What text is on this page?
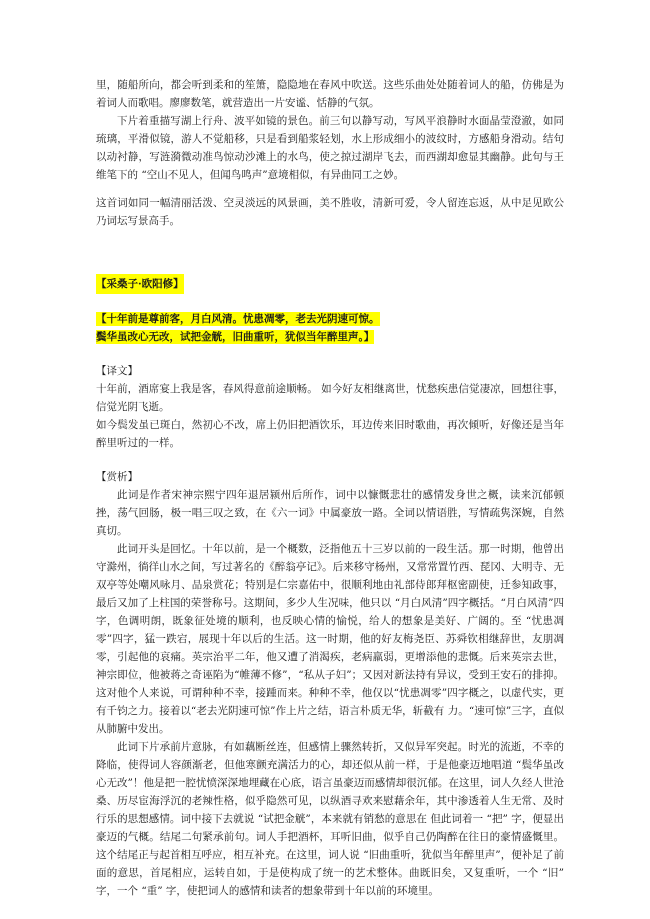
里，随船所向，都会听到柔和的笙箫，隐隐地在春风中吹送。这些乐曲处处随着词人的船，仿佛是为着词人而歌唱。廖廖数笔，就营造出一片安谧、恬静的气氛。

下片着重描写湖上行舟、波平如镜的景色。前三句以静写动，写风平浪静时水面晶莹澄澈，如同琉璃，平滑似镜，游人不觉船移，只是看到船浆轻划，水上形成细小的波纹时，方感船身滑动。结句以动衬静，写涟漪微动准鸟惊动沙滩上的水鸟，使之掠过湖岸飞去，而西湖却愈显其幽静。此句与王维笔下的 “空山不见人，但闻鸟鸣声”意境相似，有异曲同工之妙。

这首词如同一幅清丽活泼、空灵淡远的风景画，美不胜收，清新可爱，令人留连忘返，从中足见欧公乃词坛写景高手。

【采桑子·欧阳修】

【十年前是尊前客，月白风清。忧患凋零，老去光阴速可惊。

鬓华虽改心无改，试把金觥，旧曲重听，犹似当年醉里声。】

【译文】

十年前，酒席宴上我是客，春风得意前途顺畅。 如今好友相继离世，忧愁疾患信觉凄凉，回想往事，信觉光阴飞逝。

如今鬓发虽已斑白，然初心不改，席上仍旧把酒饮乐，耳边传来旧时歌曲，再次倾听，好像还是当年醉里听过的一样。

【赏析】

此词是作者宋神宗熙宁四年退居颍州后所作，词中以慷慨悲壮的感情发身世之概，读来沉郁顿挫，荡气回肠，极一唱三叹之致，在《六一词》中属豪放一路。全词以情语胜，写情疏隽深婉，自然真切。

此词开头是回忆。十年以前，是一个概数，泛指他五十三岁以前的一段生活。那一时期，他曾出守滁州，徜徉山水之间，写过著名的《醉翁亭记》。后来移守杨州，又常常置竹西、琵冈、大明寺、无双亭等处嘲风咏月、品泉赏花；特别是仁宗嘉佑中，很顺利地由礼部侍郎拜枢密副使，迁参知政事，最后又加了上柱国的荣誉称号。这期间，多少人生况味，他只以 “月白风清”四字概括。“月白风清”四字，色调明朗，既象征处境的顺利，也反映心情的愉悦，给人的想象是美好、广阔的。至 “忧患凋零”四字，猛一跌宕，展现十年以后的生活。这一时期，他的好友梅尧臣、苏舜钦相继辞世，友朋凋零，引起他的哀痛。英宗治平二年，他又遭了消渴疾，老病羸弱，更增添他的悲慨。后来英宗去世，神宗即位，他被蒋之奇诬陷为“帷薄不修”，“私从子妇”；又因对新法持有异议，受到王安石的排抑。这对他个人来说，可谓种种不幸，接踵而来。种种不幸，他仅以“忧患凋零”四字概之，以虚代实，更有千钧之力。接着以“老去光阴速可惊”作上片之结，语言朴质无华，斩截有 力。“速可惊”三字，直似从肺腑中发出。

此词下片承前片意脉，有如藕断丝连，但感情上骤然转折，又似异军突起。时光的流逝，不幸的降临，使得词人容颜渐老，但他寒颤充满活力的心，却还似从前一样，于是他豪迈地唱道 “鬓华虽改心无改”！他是把一腔忧愤深深地埋藏在心底，语言虽豪迈而感情却很沉郁。在这里，词人久经人世沧桑、历尽宦海浮沉的老辣性格，似乎隐然可见，以纵酒寻欢来慰藉余年，其中渗透着人生无常、及时行乐的思想感情。词中接下去就说 “试把金觥”，本来就有销愁的意思在 但此词着一 “把” 字，便显出豪迈的气概。结尾二句紧承前句。词人手把酒杯，耳听旧曲，似乎自己仍陶醉在往日的豪情盛慨里。这个结尾正与起首相互呼应，相互补充。在这里，词人说 “旧曲重听，犹似当年醉里声”，便补足了前面的意思，首尾相应，运转自如，于是使构成了统一的艺术整体。曲既旧矣，又复重听，一个 “旧” 字，一个 “重” 字，使把词人的感情和读者的想象带到十年以前的环境里。
